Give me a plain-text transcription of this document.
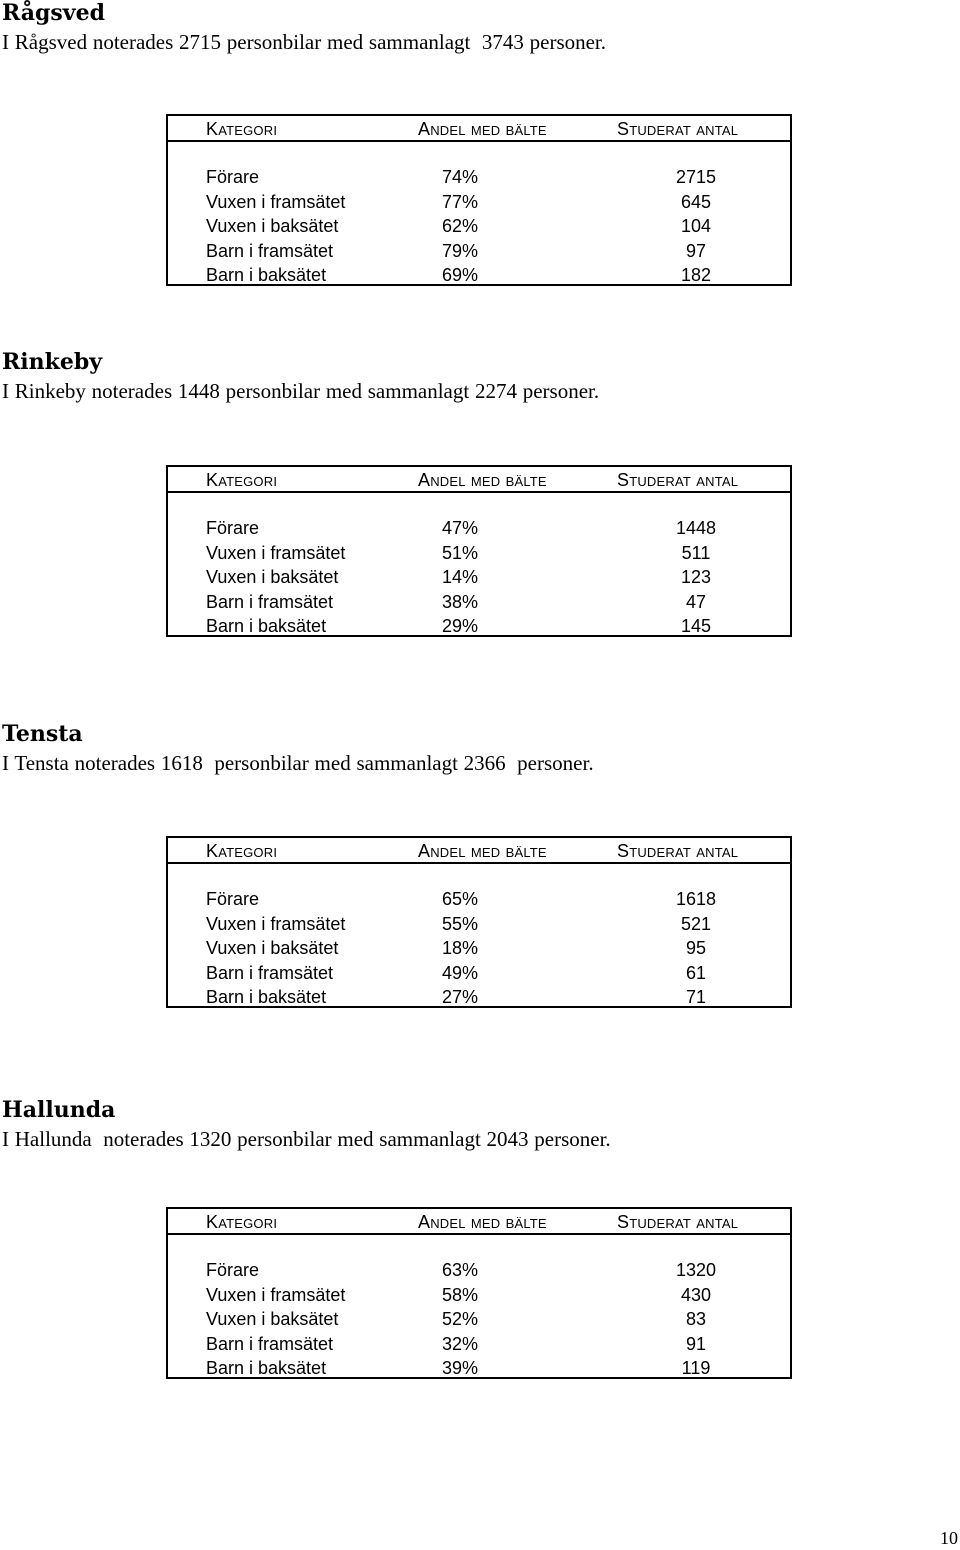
Rågsved
I Rågsved noterades 2715 personbilar med sammanlagt  3743 personer.
Kategori	Andel med bälte	Studerat antal
Förare	74%	2715
Vuxen i framsätet	77%	645
Vuxen i baksätet	62%	104
Barn i framsätet	79%	97
Barn i baksätet	69%	182
Rinkeby
I Rinkeby noterades 1448 personbilar med sammanlagt 2274 personer.
Kategori	Andel med bälte	Studerat antal
Förare	47%	1448
Vuxen i framsätet	51%	511
Vuxen i baksätet	14%	123
Barn i framsätet	38%	47
Barn i baksätet	29%	145
Tensta
I Tensta noterades 1618  personbilar med sammanlagt 2366  personer.
Kategori	Andel med bälte	Studerat antal
Förare	65%	1618
Vuxen i framsätet	55%	521
Vuxen i baksätet	18%	95
Barn i framsätet	49%	61
Barn i baksätet	27%	71
Hallunda
I Hallunda  noterades 1320 personbilar med sammanlagt 2043 personer.
Kategori	Andel med bälte	Studerat antal
Förare	63%	1320
Vuxen i framsätet	58%	430
Vuxen i baksätet	52%	83
Barn i framsätet	32%	91
Barn i baksätet	39%	119
10
